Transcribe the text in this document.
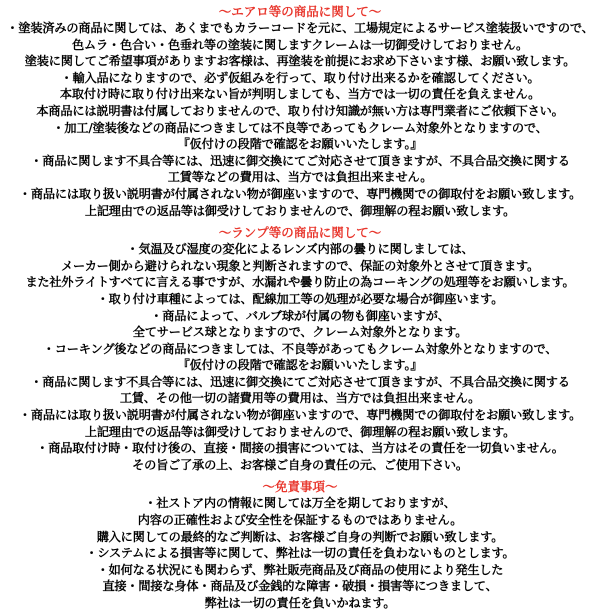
～エアロ等の商品に関して～

・塗装済みの商品に関しては、あくまでもカラーコードを元に、工場規定によるサービス塗装扱いですので、

色ムラ・色合い・色垂れ等の塗装に関しますクレームは一切御受けしておりません。

塗装に関してご希望事項がありますお客様は、再塗装を前提にお求め下さいます様、お願い致します。

・輸入品になりますので、必ず仮組みを行って、取り付け出来るかを確認してください。

本取付け時に取り付け出来ない旨が判明しましても、当方では一切の責任を負えません。

本商品には説明書は付属しておりませんので、取り付け知識が無い方は専門業者にご依頼下さい。

・加工/塗装後などの商品につきましては不良等であってもクレーム対象外となりますので、

『仮付けの段階で確認をお願いいたします。』

・商品に関します不具合等には、迅速に御交換にてご対応させて頂きますが、不具合品交換に関する

工賃等などの費用は、当方では負担出来ません。

・商品には取り扱い説明書が付属されない物が御座いますので、専門機関での御取付をお願い致します。

上記理由での返品等は御受けしておりませんので、御理解の程お願い致します。

～ランプ等の商品に関して～

・気温及び湿度の変化によるレンズ内部の曇りに関しましては、

メーカー側から避けられない現象と判断されますので、保証の対象外とさせて頂きます。

また社外ライトすべてに言える事ですが、水漏れや曇り防止の為コーキングの処理等をお願いします。

・取り付け車種によっては、配線加工等の処理が必要な場合が御座います。

・商品によって、バルブ球が付属の物も御座いますが、

全てサービス球となりますので、クレーム対象外となります。

・コーキング後などの商品につきましては、不良等があってもクレーム対象外となりますので、

『仮付けの段階で確認をお願いいたします。』

・商品に関します不具合等には、迅速に御交換にてご対応させて頂きますが、不具合品交換に関する

工賃、その他一切の諸費用等の費用は、当方では負担出来ません。

・商品には取り扱い説明書が付属されない物が御座いますので、専門機関での御取付をお願い致します。

上記理由での返品等は御受けしておりませんので、御理解の程お願い致します。

・商品取付け時・取付け後の、直接・間接の損害については、当方はその責任を一切負いません。

その旨ご了承の上、お客様ご自身の責任の元、ご使用下さい。

～免責事項～

・社ストア内の情報に関しては万全を期しておりますが、

内容の正確性および安全性を保証するものではありません。

購入に関しての最終的なご判断は、お客様ご自身の判断でお願い致します。

・システムによる損害等に関して、弊社は一切の責任を負わないものとします。

・如何なる状況にも関わらず、弊社販売商品及び商品の使用により発生した

直接・間接な身体・商品及び金銭的な障害・破損・損害等につきまして、

弊社は一切の責任を負いかねます。
